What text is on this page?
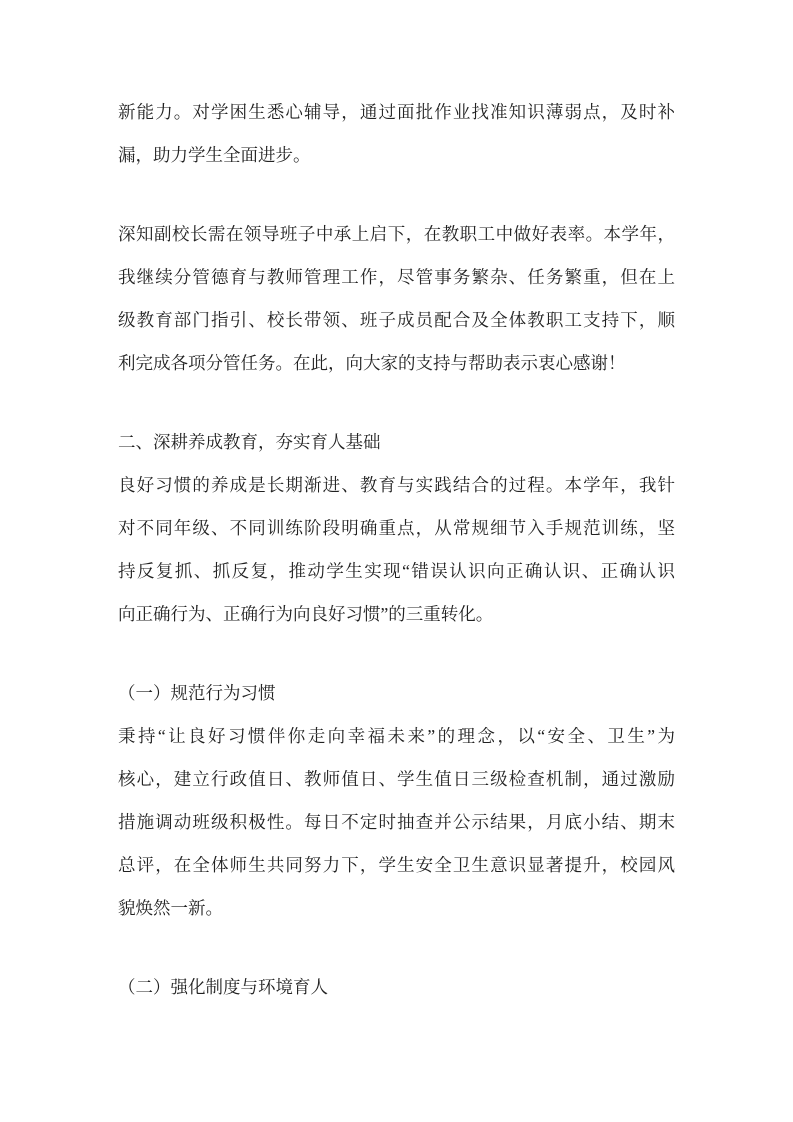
新能力。对学困生悉心辅导，通过面批作业找准知识薄弱点，及时补
漏，助力学生全面进步。
深知副校长需在领导班子中承上启下，在教职工中做好表率。本学年，
我继续分管德育与教师管理工作，尽管事务繁杂、任务繁重，但在上
级教育部门指引、校长带领、班子成员配合及全体教职工支持下，顺
利完成各项分管任务。在此，向大家的支持与帮助表示衷心感谢！
二、深耕养成教育，夯实育人基础
良好习惯的养成是长期渐进、教育与实践结合的过程。本学年，我针
对不同年级、不同训练阶段明确重点，从常规细节入手规范训练，坚
持反复抓、抓反复，推动学生实现“错误认识向正确认识、正确认识
向正确行为、正确行为向良好习惯”的三重转化。
（一）规范行为习惯
秉持“让良好习惯伴你走向幸福未来”的理念，以“安全、卫生”为
核心，建立行政值日、教师值日、学生值日三级检查机制，通过激励
措施调动班级积极性。每日不定时抽查并公示结果，月底小结、期末
总评，在全体师生共同努力下，学生安全卫生意识显著提升，校园风
貌焕然一新。
（二）强化制度与环境育人
